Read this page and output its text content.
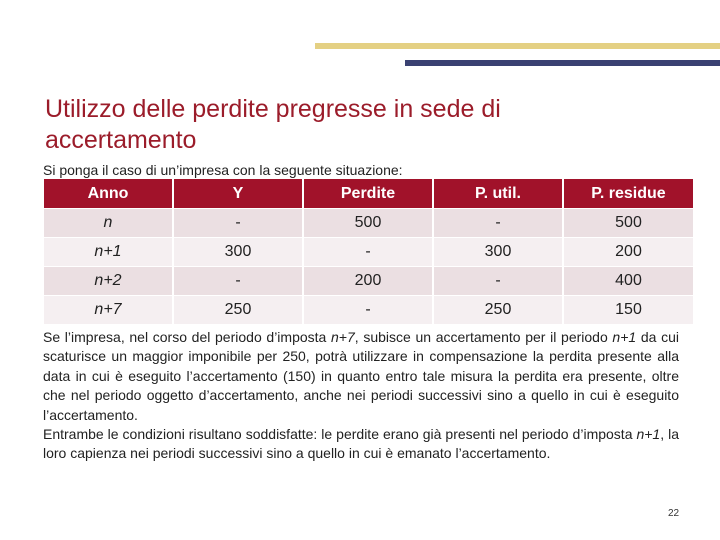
Utilizzo delle perdite pregresse in sede di accertamento
Si ponga il caso di un’impresa con la seguente situazione:
Anno	Y	Perdite	P. util.	P. residue
n	-	500	-	500
n+1	300	-	300	200
n+2	-	200	-	400
n+7	250	-	250	150

Se l’impresa, nel corso del periodo d’imposta n+7, subisce un accertamento per il periodo n+1 da cui scaturisce un maggior imponibile per 250, potrà utilizzare in compensazione la perdita presente alla data in cui è eseguito l’accertamento (150) in quanto entro tale misura la perdita era presente, oltre che nel periodo oggetto d’accertamento, anche nei periodi successivi sino a quello in cui è eseguito l’accertamento.

Entrambe le condizioni risultano soddisfatte: le perdite erano già presenti nel periodo d’imposta n+1, la loro capienza nei periodi successivi sino a quello in cui è emanato l’accertamento.

22
